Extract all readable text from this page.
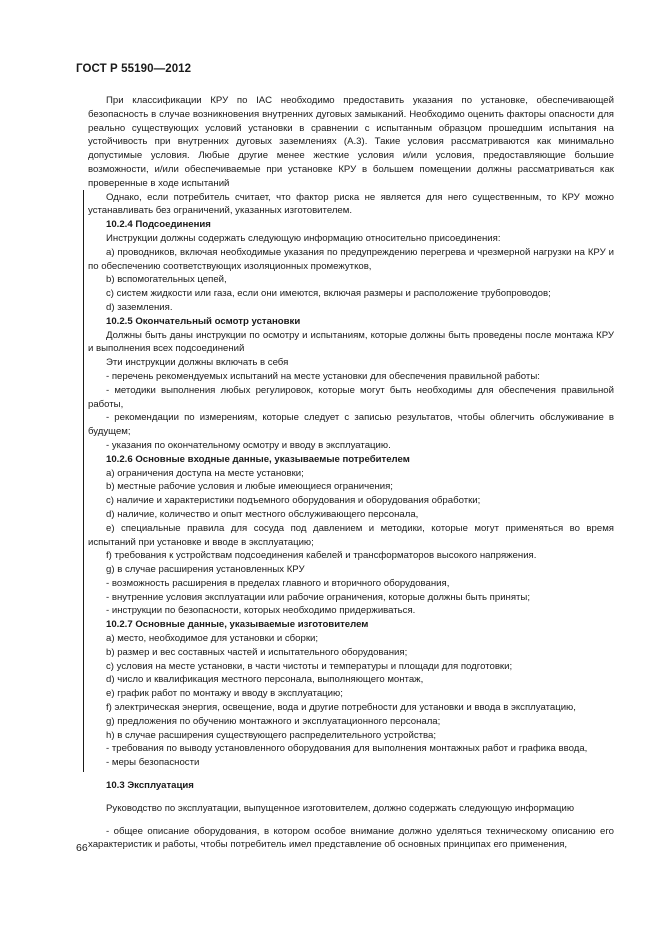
ГОСТ Р 55190—2012

При классификации КРУ по IAC необходимо предоставить указания по установке, обеспечивающей безопасность в случае возникновения внутренних дуговых замыканий. Необходимо оценить факторы опасности для реально существующих условий установки в сравнении с испытанным образцом прошедшим испытания на устойчивость при внутренних дуговых заземлениях (А.3). Такие условия рассматриваются как минимально допустимые условия. Любые другие менее жесткие условия и/или условия, предоставляющие большие возможности, и/или обеспечиваемые при установке КРУ в большем помещении должны рассматриваться как проверенные в ходе испытаний

Однако, если потребитель считает, что фактор риска не является для него существенным, то КРУ можно устанавливать без ограничений, указанных изготовителем.

10.2.4 Подсоединения

Инструкции должны содержать следующую информацию относительно присоединения:

a) проводников, включая необходимые указания по предупреждению перегрева и чрезмерной нагрузки на КРУ и по обеспечению соответствующих изоляционных промежутков,

b) вспомогательных цепей,

c) систем жидкости или газа, если они имеются, включая размеры и расположение трубопроводов;

d) заземления.

10.2.5 Окончательный осмотр установки

Должны быть даны инструкции по осмотру и испытаниям, которые должны быть проведены после монтажа КРУ и выполнения всех подсоединений

Эти инструкции должны включать в себя

- перечень рекомендуемых испытаний на месте установки для обеспечения правильной работы:

- методики выполнения любых регулировок, которые могут быть необходимы для обеспечения правильной работы,

- рекомендации по измерениям, которые следует с записью результатов, чтобы облегчить обслуживание в будущем;

- указания по окончательному осмотру и вводу в эксплуатацию.

10.2.6 Основные входные данные, указываемые потребителем

a) ограничения доступа на месте установки;

b) местные рабочие условия и любые имеющиеся ограничения;

c) наличие и характеристики подъемного оборудования и оборудования обработки;

d) наличие, количество и опыт местного обслуживающего персонала,

e) специальные правила для сосуда под давлением и методики, которые могут применяться во время испытаний при установке и вводе в эксплуатацию;

f) требования к устройствам подсоединения кабелей и трансформаторов высокого напряжения.

g) в случае расширения установленных КРУ

- возможность расширения в пределах главного и вторичного оборудования,

- внутренние условия эксплуатации или рабочие ограничения, которые должны быть приняты;

- инструкции по безопасности, которых необходимо придерживаться.

10.2.7 Основные данные, указываемые изготовителем

a) место, необходимое для установки и сборки;

b) размер и вес составных частей и испытательного оборудования;

c) условия на месте установки, в части чистоты и температуры и площади для подготовки;

d) число и квалификация местного персонала, выполняющего монтаж,

e) график работ по монтажу и вводу в эксплуатацию;

f) электрическая энергия, освещение, вода и другие потребности для установки и ввода в эксплуатацию,

g) предложения по обучению монтажного и эксплуатационного персонала;

h) в случае расширения существующего распределительного устройства;

- требования по выводу установленного оборудования для выполнения монтажных работ и графика ввода,

- меры безопасности

10.3 Эксплуатация

Руководство по эксплуатации, выпущенное изготовителем, должно содержать следующую информацию

- общее описание оборудования, в котором особое внимание должно уделяться техническому описанию его характеристик и работы, чтобы потребитель имел представление об основных принципах его применения,

66
